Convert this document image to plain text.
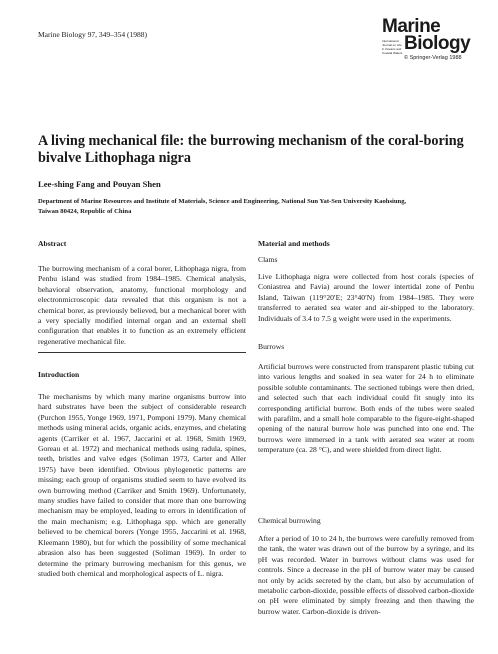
Marine Biology 97, 349–354 (1988)	Marine
International Journal on Life in Oceans and Coastal Waters Biology
© Springer-Verlag 1988
A living mechanical file: the burrowing mechanism of the coral-boring bivalve Lithophaga nigra
Lee-shing Fang and Pouyan Shen
Department of Marine Resources and Institute of Materials, Science and Engineering, National Sun Yat-Sen University Kaohsiung,
Taiwan 80424, Republic of China
Abstract
The burrowing mechanism of a coral borer, Lithophaga nigra, from Penhu island was studied from 1984–1985. Chemical analysis, behavioral observation, anatomy, functional morphology and electronmicroscopic data revealed that this organism is not a chemical borer, as previously believed, but a mechanical borer with a very specially modified internal organ and an external shell configuration that enables it to function as an extremely efficient regenerative mechanical file.
Introduction
The mechanisms by which many marine organisms burrow into hard substrates have been the subject of considerable research (Purchon 1955, Yonge 1969, 1971, Pomponi 1979). Many chemical methods using mineral acids, organic acids, enzymes, and chelating agents (Carriker et al. 1967, Jaccarini et al. 1968, Smith 1969, Goreau et al. 1972) and mechanical methods using radula, spines, teeth, bristles and valve edges (Soliman 1973, Carter and Aller 1975) have been identified. Obvious phylogenetic patterns are missing; each group of organisms studied seem to have evolved its own burrowing method (Carriker and Smith 1969). Unfortunately, many studies have failed to consider that more than one burrowing mechanism may be employed, leading to errors in identification of the main mechanism; e.g. Lithophaga spp. which are generally believed to be chemical borers (Yonge 1955, Jaccarini et al. 1968, Kleemann 1980), but for which the possibility of some mechanical abrasion also has been suggested (Soliman 1969). In order to determine the primary burrowing mechanism for this genus, we studied both chemical and morphological aspects of L. nigra.
Material and methods
Clams
Live Lithophaga nigra were collected from host corals (species of Coniastrea and Favia) around the lower intertidal zone of Penhu Island, Taiwan (119°20′E; 23°40′N) from 1984–1985. They were transferred to aerated sea water and air-shipped to the laboratory. Individuals of 3.4 to 7.5 g weight were used in the experiments.
Burrows
Artificial burrows were constructed from transparent plastic tubing cut into various lengths and soaked in sea water for 24 h to eliminate possible soluble contaminants. The sectioned tubings were then dried, and selected such that each individual could fit snugly into its corresponding artificial burrow. Both ends of the tubes were sealed with parafilm, and a small hole comparable to the figure-eight-shaped opening of the natural burrow hole was punched into one end. The burrows were immersed in a tank with aerated sea water at room temperature (ca. 28 °C), and were shielded from direct light.
Chemical burrowing
After a period of 10 to 24 h, the burrows were carefully removed from the tank, the water was drawn out of the burrow by a syringe, and its pH was recorded. Water in burrows without clams was used for controls. Since a decrease in the pH of burrow water may be caused not only by acids secreted by the clam, but also by accumulation of metabolic carbon-dioxide, possible effects of dissolved carbon-dioxide on pH were eliminated by simply freezing and then thawing the burrow water. Carbon-dioxide is driven-
